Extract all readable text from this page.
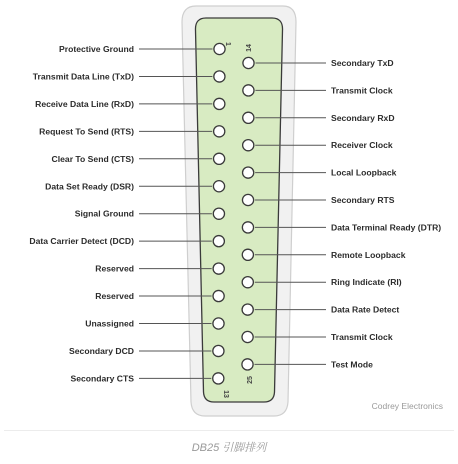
Protective Ground
Transmit Data Line (TxD)
Receive Data Line (RxD)
Request To Send (RTS)
Clear To Send (CTS)
Data Set Ready (DSR)
Signal Ground
Data Carrier Detect (DCD)
Reserved
Reserved
Unassigned
Secondary DCD
Secondary CTS
Secondary TxD
Transmit Clock
Secondary RxD
Receiver Clock
Local Loopback
Secondary RTS
Data Terminal Ready (DTR)
Remote Loopback
Ring Indicate (RI)
Data Rate Detect
Transmit Clock
Test Mode
1
14
13
25
Codrey Electronics
DB25 引脚排列
